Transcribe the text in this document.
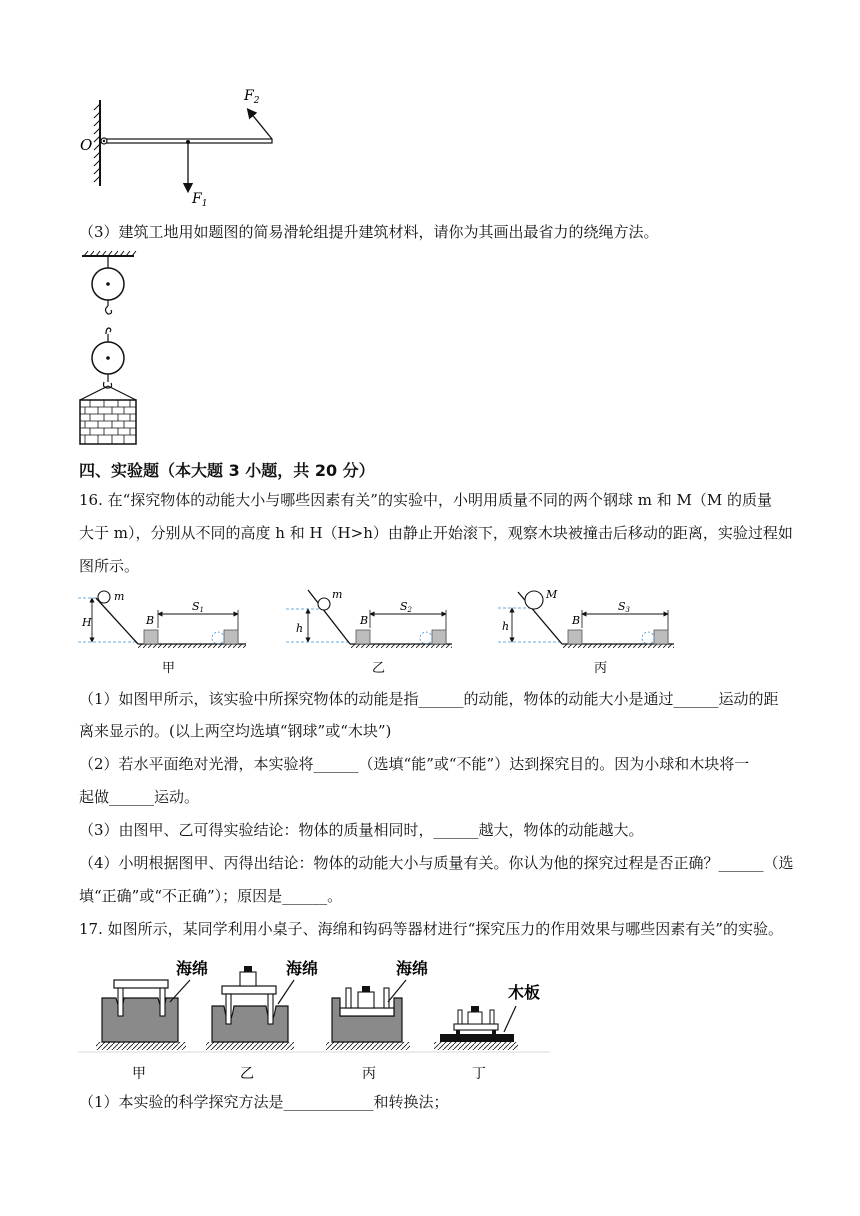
O
$F_1$
$F_2$
（3）建筑工地用如题图的简易滑轮组提升建筑材料，请你为其画出最省力的绕绳方法。
四、实验题（本大题 3 小题，共 20 分）
16. 在“探究物体的动能大小与哪些因素有关”的实验中，小明用质量不同的两个钢球 m 和 M（M 的质量
大于 m），分别从不同的高度 h 和 H（H>h）由静止开始滚下，观察木块被撞击后移动的距离，实验过程如
图所示。
H
m
B
S1
甲
h
m
B
S2
乙
h
M
B
S3
丙
（1）如图甲所示，该实验中所探究物体的动能是指______的动能，物体的动能大小是通过______运动的距
离来显示的。(以上两空均选填“钢球”或“木块”)
（2）若水平面绝对光滑，本实验将______（选填“能”或“不能”）达到探究目的。因为小球和木块将一
起做______运动。
（3）由图甲、乙可得实验结论：物体的质量相同时，______越大，物体的动能越大。
（4）小明根据图甲、丙得出结论：物体的动能大小与质量有关。你认为他的探究过程是否正确？______（选
填“正确”或“不正确”）；原因是______。
17. 如图所示，某同学利用小桌子、海绵和钩码等器材进行“探究压力的作用效果与哪些因素有关”的实验。
海绵
甲
海绵
乙
海绵
丙
木板
丁
（1）本实验的科学探究方法是____________和转换法；
